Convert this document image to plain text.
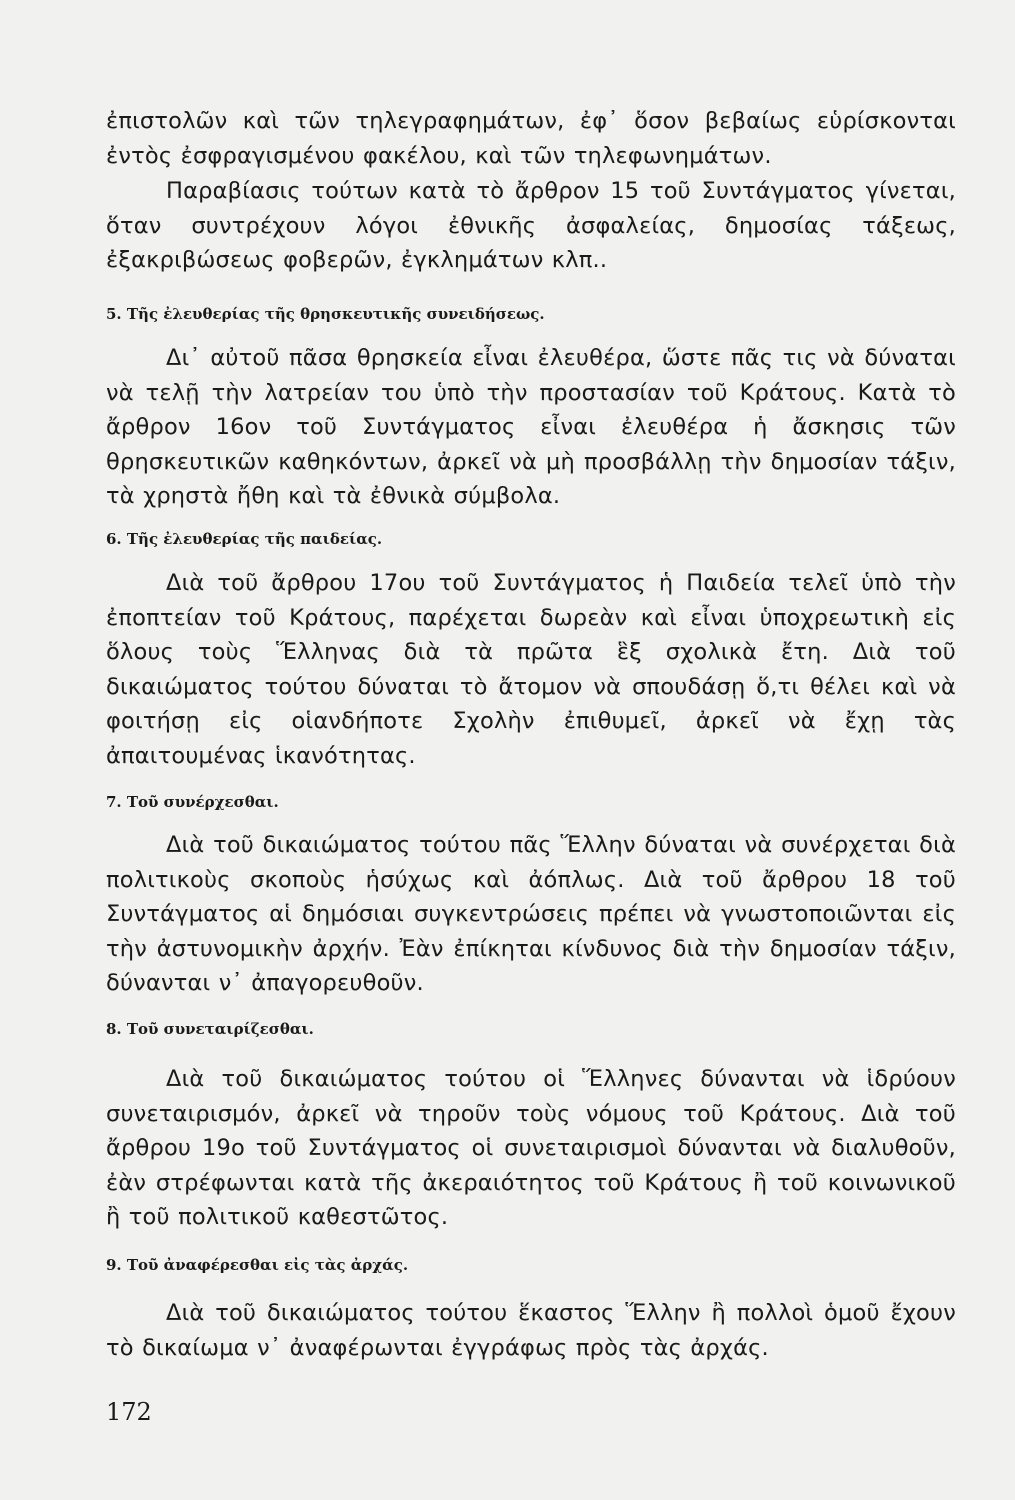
ἐπιστολῶν καὶ τῶν τηλεγραφημάτων, ἐφ᾽ ὅσον βεβαίως εὑρίσκονται ἐντὸς ἐσφραγισμένου φακέλου, καὶ τῶν τηλεφωνημάτων.

Παραβίασις τούτων κατὰ τὸ ἄρθρον 15 τοῦ Συντάγματος γίνεται, ὅταν συντρέχουν λόγοι ἐθνικῆς ἀσφαλείας, δημοσίας τάξεως, ἐξακριβώσεως φοβερῶν, ἐγκλημάτων κλπ..

5. Τῆς ἐλευθερίας τῆς θρησκευτικῆς συνειδήσεως.

Δι᾽ αὐτοῦ πᾶσα θρησκεία εἶναι ἐλευθέρα, ὥστε πᾶς τις νὰ δύναται νὰ τελῇ τὴν λατρείαν του ὑπὸ τὴν προστασίαν τοῦ Κράτους. Κατὰ τὸ ἄρθρον 16ον τοῦ Συντάγματος εἶναι ἐλευθέρα ἡ ἄσκησις τῶν θρησκευτικῶν καθηκόντων, ἀρκεῖ νὰ μὴ προσβάλλῃ τὴν δημοσίαν τάξιν, τὰ χρηστὰ ἤθη καὶ τὰ ἐθνικὰ σύμβολα.

6. Τῆς ἐλευθερίας τῆς παιδείας.

Διὰ τοῦ ἄρθρου 17ου τοῦ Συντάγματος ἡ Παιδεία τελεῖ ὑπὸ τὴν ἐποπτείαν τοῦ Κράτους, παρέχεται δωρεὰν καὶ εἶναι ὑποχρεωτικὴ εἰς ὅλους τοὺς Ἕλληνας διὰ τὰ πρῶτα ἓξ σχολικὰ ἔτη. Διὰ τοῦ δικαιώματος τούτου δύναται τὸ ἄτομον νὰ σπουδάσῃ ὅ,τι θέλει καὶ νὰ φοιτήσῃ εἰς οἱανδήποτε Σχολὴν ἐπιθυμεῖ, ἀρκεῖ νὰ ἔχῃ τὰς ἀπαιτουμένας ἱκανότητας.

7. Τοῦ συνέρχεσθαι.

Διὰ τοῦ δικαιώματος τούτου πᾶς Ἕλλην δύναται νὰ συνέρχεται διὰ πολιτικοὺς σκοποὺς ἡσύχως καὶ ἀόπλως. Διὰ τοῦ ἄρθρου 18 τοῦ Συντάγματος αἱ δημόσιαι συγκεντρώσεις πρέπει νὰ γνωστοποιῶνται εἰς τὴν ἀστυνομικὴν ἀρχήν. Ἐὰν ἐπίκηται κίνδυνος διὰ τὴν δημοσίαν τάξιν, δύνανται ν᾽ ἀπαγορευθοῦν.

8. Τοῦ συνεταιρίζεσθαι.

Διὰ τοῦ δικαιώματος τούτου οἱ Ἕλληνες δύνανται νὰ ἱδρύουν συνεταιρισμόν, ἀρκεῖ νὰ τηροῦν τοὺς νόμους τοῦ Κράτους. Διὰ τοῦ ἄρθρου 19ο τοῦ Συντάγματος οἱ συνεταιρισμοὶ δύνανται νὰ διαλυθοῦν, ἐὰν στρέφωνται κατὰ τῆς ἀκεραιότητος τοῦ Κράτους ἢ τοῦ κοινωνικοῦ ἢ τοῦ πολιτικοῦ καθεστῶτος.

9. Τοῦ ἀναφέρεσθαι εἰς τὰς ἀρχάς.

Διὰ τοῦ δικαιώματος τούτου ἕκαστος Ἕλλην ἢ πολλοὶ ὁμοῦ ἔχουν τὸ δικαίωμα ν᾽ ἀναφέρωνται ἐγγράφως πρὸς τὰς ἀρχάς.

172
